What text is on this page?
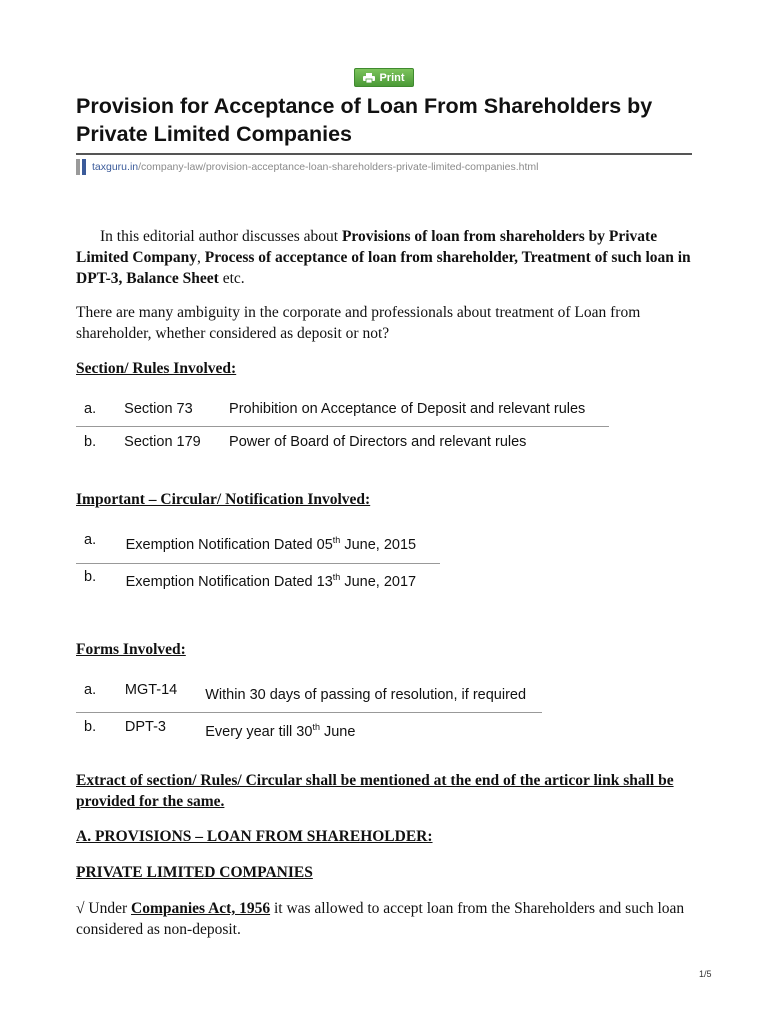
Print
Provision for Acceptance of Loan From Shareholders by Private Limited Companies
taxguru.in /company-law/provision-acceptance-loan-shareholders-private-limited-companies.html

In this editorial author discusses about Provisions of loan from shareholders by Private Limited Company, Process of acceptance of loan from shareholder, Treatment of such loan in DPT-3, Balance Sheet etc.

There are many ambiguity in the corporate and professionals about treatment of Loan from shareholder, whether considered as deposit or not?

Section/ Rules Involved:

a.	Section 73	Prohibition on Acceptance of Deposit and relevant rules
b.	Section 179	Power of Board of Directors and relevant rules

Important – Circular/ Notification Involved:

a.	Exemption Notification Dated 05th June, 2015
b.	Exemption Notification Dated 13th June, 2017

Forms Involved:

a.	MGT-14	Within 30 days of passing of resolution, if required
b.	DPT-3	Every year till 30th June

Extract of section/ Rules/ Circular shall be mentioned at the end of the articor link shall be provided for the same.

A. PROVISIONS – LOAN FROM SHAREHOLDER:

PRIVATE LIMITED COMPANIES

√ Under Companies Act, 1956 it was allowed to accept loan from the Shareholders and such loan considered as non-deposit.

1/5
